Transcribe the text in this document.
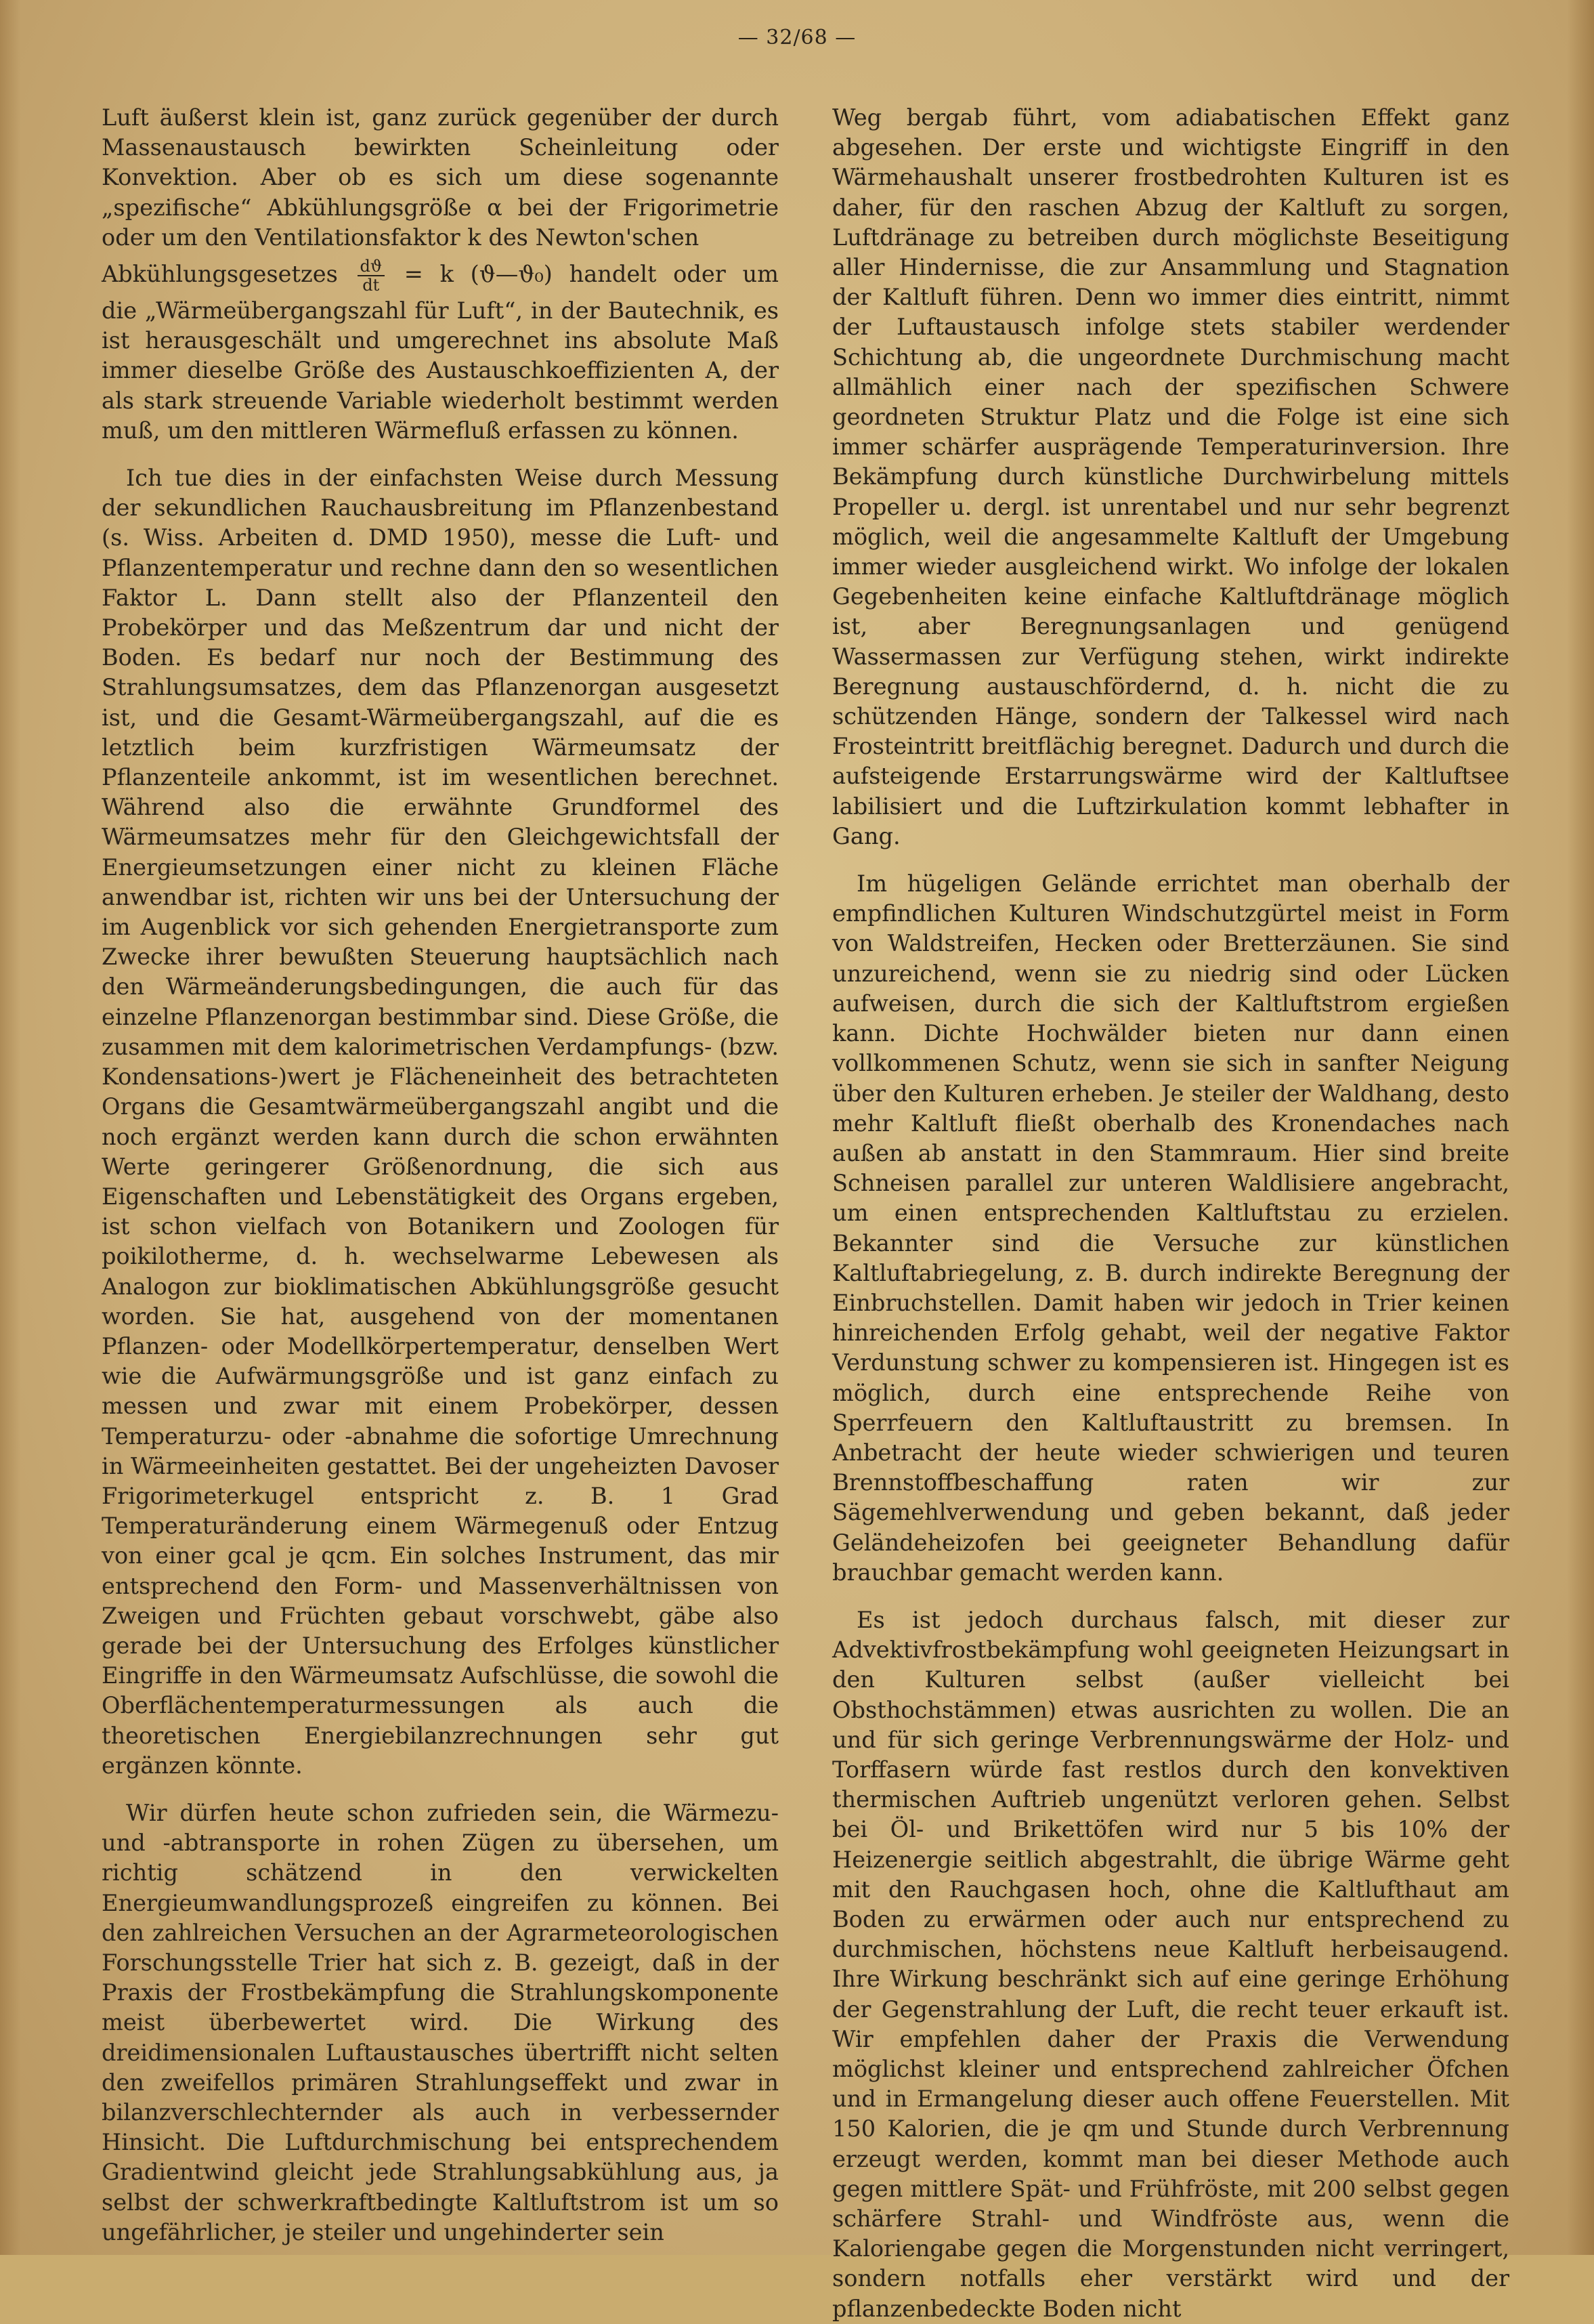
— 32/68 —

Luft äußerst klein ist, ganz zurück gegenüber der durch Massenaustausch bewirkten Scheinleitung oder Konvektion. Aber ob es sich um diese sogenannte „spezifische“ Abkühlungsgröße α bei der Frigorimetrie oder um den Ventilationsfaktor k des Newton'schen

Abkühlungsgesetzes $\frac{dϑ}{dt} = k$ (ϑ—ϑ₀) handelt oder um

die „Wärmeübergangszahl für Luft“, in der Bautechnik, es ist herausgeschält und umgerechnet ins absolute Maß immer dieselbe Größe des Austauschkoeffizienten A, der als stark streuende Variable wiederholt bestimmt werden muß, um den mittleren Wärmefluß erfassen zu können.

Ich tue dies in der einfachsten Weise durch Messung der sekundlichen Rauchausbreitung im Pflanzenbestand (s. Wiss. Arbeiten d. DMD 1950), messe die Luft- und Pflanzentemperatur und rechne dann den so wesentlichen Faktor L. Dann stellt also der Pflanzenteil den Probekörper und das Meßzentrum dar und nicht der Boden. Es bedarf nur noch der Bestimmung des Strahlungsumsatzes, dem das Pflanzenorgan ausgesetzt ist, und die Gesamt-Wärmeübergangszahl, auf die es letztlich beim kurzfristigen Wärmeumsatz der Pflanzenteile ankommt, ist im wesentlichen berechnet. Während also die erwähnte Grundformel des Wärmeumsatzes mehr für den Gleichgewichtsfall der Energieumsetzungen einer nicht zu kleinen Fläche anwendbar ist, richten wir uns bei der Untersuchung der im Augenblick vor sich gehenden Energietransporte zum Zwecke ihrer bewußten Steuerung hauptsächlich nach den Wärmeänderungsbedingungen, die auch für das einzelne Pflanzenorgan bestimmbar sind. Diese Größe, die zusammen mit dem kalorimetrischen Verdampfungs- (bzw. Kondensations-)wert je Flächeneinheit des betrachteten Organs die Gesamtwärmeübergangszahl angibt und die noch ergänzt werden kann durch die schon erwähnten Werte geringerer Größenordnung, die sich aus Eigenschaften und Lebenstätigkeit des Organs ergeben, ist schon vielfach von Botanikern und Zoologen für poikilotherme, d. h. wechselwarme Lebewesen als Analogon zur bioklimatischen Abkühlungsgröße gesucht worden. Sie hat, ausgehend von der momentanen Pflanzen- oder Modellkörpertemperatur, denselben Wert wie die Aufwärmungsgröße und ist ganz einfach zu messen und zwar mit einem Probekörper, dessen Temperaturzu- oder -abnahme die sofortige Umrechnung in Wärmeeinheiten gestattet. Bei der ungeheizten Davoser Frigorimeterkugel entspricht z. B. 1 Grad Temperaturänderung einem Wärmegenuß oder Entzug von einer gcal je qcm. Ein solches Instrument, das mir entsprechend den Form- und Massenverhältnissen von Zweigen und Früchten gebaut vorschwebt, gäbe also gerade bei der Untersuchung des Erfolges künstlicher Eingriffe in den Wärmeumsatz Aufschlüsse, die sowohl die Oberflächentemperaturmessungen als auch die theoretischen Energiebilanzrechnungen sehr gut ergänzen könnte.

Wir dürfen heute schon zufrieden sein, die Wärmezu- und -abtransporte in rohen Zügen zu übersehen, um richtig schätzend in den verwickelten Energieumwandlungsprozeß eingreifen zu können. Bei den zahlreichen Versuchen an der Agrarmeteorologischen Forschungsstelle Trier hat sich z. B. gezeigt, daß in der Praxis der Frostbekämpfung die Strahlungskomponente meist überbewertet wird. Die Wirkung des dreidimensionalen Luftaustausches übertrifft nicht selten den zweifellos primären Strahlungseffekt und zwar in bilanzverschlechternder als auch in verbessernder Hinsicht. Die Luftdurchmischung bei entsprechendem Gradientwind gleicht jede Strahlungsabkühlung aus, ja selbst der schwerkraftbedingte Kaltluftstrom ist um so ungefährlicher, je steiler und ungehinderter sein

Weg bergab führt, vom adiabatischen Effekt ganz abgesehen. Der erste und wichtigste Eingriff in den Wärmehaushalt unserer frostbedrohten Kulturen ist es daher, für den raschen Abzug der Kaltluft zu sorgen, Luftdränage zu betreiben durch möglichste Beseitigung aller Hindernisse, die zur Ansammlung und Stagnation der Kaltluft führen. Denn wo immer dies eintritt, nimmt der Luftaustausch infolge stets stabiler werdender Schichtung ab, die ungeordnete Durchmischung macht allmählich einer nach der spezifischen Schwere geordneten Struktur Platz und die Folge ist eine sich immer schärfer ausprägende Temperaturinversion. Ihre Bekämpfung durch künstliche Durchwirbelung mittels Propeller u. dergl. ist unrentabel und nur sehr begrenzt möglich, weil die angesammelte Kaltluft der Umgebung immer wieder ausgleichend wirkt. Wo infolge der lokalen Gegebenheiten keine einfache Kaltluftdränage möglich ist, aber Beregnungsanlagen und genügend Wassermassen zur Verfügung stehen, wirkt indirekte Beregnung austauschfördernd, d. h. nicht die zu schützenden Hänge, sondern der Talkessel wird nach Frosteintritt breitflächig beregnet. Dadurch und durch die aufsteigende Erstarrungswärme wird der Kaltluftsee labilisiert und die Luftzirkulation kommt lebhafter in Gang.

Im hügeligen Gelände errichtet man oberhalb der empfindlichen Kulturen Windschutzgürtel meist in Form von Waldstreifen, Hecken oder Bretterzäunen. Sie sind unzureichend, wenn sie zu niedrig sind oder Lücken aufweisen, durch die sich der Kaltluftstrom ergießen kann. Dichte Hochwälder bieten nur dann einen vollkommenen Schutz, wenn sie sich in sanfter Neigung über den Kulturen erheben. Je steiler der Waldhang, desto mehr Kaltluft fließt oberhalb des Kronendaches nach außen ab anstatt in den Stammraum. Hier sind breite Schneisen parallel zur unteren Waldlisiere angebracht, um einen entsprechenden Kaltluftstau zu erzielen. Bekannter sind die Versuche zur künstlichen Kaltluftabriegelung, z. B. durch indirekte Beregnung der Einbruchstellen. Damit haben wir jedoch in Trier keinen hinreichenden Erfolg gehabt, weil der negative Faktor Verdunstung schwer zu kompensieren ist. Hingegen ist es möglich, durch eine entsprechende Reihe von Sperrfeuern den Kaltluftaustritt zu bremsen. In Anbetracht der heute wieder schwierigen und teuren Brennstoffbeschaffung raten wir zur Sägemehlverwendung und geben bekannt, daß jeder Geländeheizofen bei geeigneter Behandlung dafür brauchbar gemacht werden kann.

Es ist jedoch durchaus falsch, mit dieser zur Advektivfrostbekämpfung wohl geeigneten Heizungsart in den Kulturen selbst (außer vielleicht bei Obsthochstämmen) etwas ausrichten zu wollen. Die an und für sich geringe Verbrennungswärme der Holz- und Torffasern würde fast restlos durch den konvektiven thermischen Auftrieb ungenützt verloren gehen. Selbst bei Öl- und Brikettöfen wird nur 5 bis 10% der Heizenergie seitlich abgestrahlt, die übrige Wärme geht mit den Rauchgasen hoch, ohne die Kaltlufthaut am Boden zu erwärmen oder auch nur entsprechend zu durchmischen, höchstens neue Kaltluft herbeisaugend. Ihre Wirkung beschränkt sich auf eine geringe Erhöhung der Gegenstrahlung der Luft, die recht teuer erkauft ist. Wir empfehlen daher der Praxis die Verwendung möglichst kleiner und entsprechend zahlreicher Öfchen und in Ermangelung dieser auch offene Feuerstellen. Mit 150 Kalorien, die je qm und Stunde durch Verbrennung erzeugt werden, kommt man bei dieser Methode auch gegen mittlere Spät- und Frühfröste, mit 200 selbst gegen schärfere Strahl- und Windfröste aus, wenn die Kaloriengabe gegen die Morgenstunden nicht verringert, sondern notfalls eher verstärkt wird und der pflanzenbedeckte Boden nicht
